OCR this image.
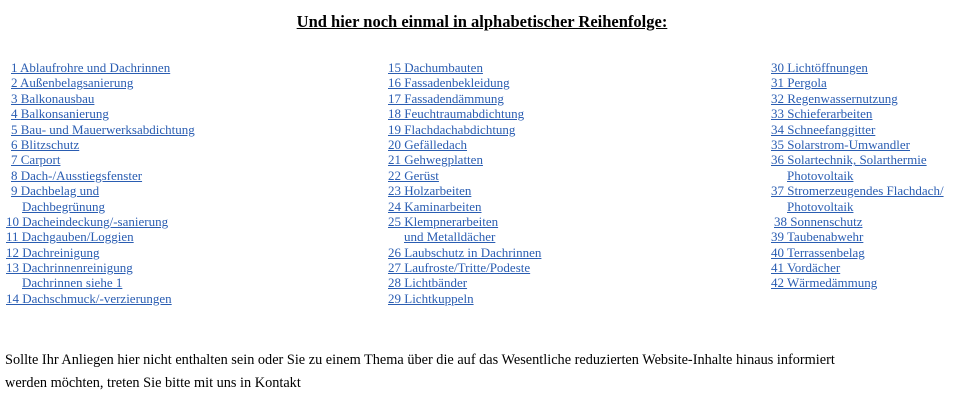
Und hier noch einmal in alphabetischer Reihenfolge:
1 Ablaufrohre und Dachrinnen
2 Außenbelagsanierung
3 Balkonausbau
4 Balkonsanierung
5 Bau- und Mauerwerksabdichtung
6 Blitzschutz
7 Carport
8 Dach-/Ausstiegsfenster
9 Dachbelag und
Dachbegrünung
10 Dacheindeckung/-sanierung
11 Dachgauben/Loggien
12 Dachreinigung
13 Dachrinnenreinigung
Dachrinnen siehe 1
14 Dachschmuck/-verzierungen
15 Dachumbauten
16 Fassadenbekleidung
17 Fassadendämmung
18 Feuchtraumabdichtung
19 Flachdachabdichtung
20 Gefälledach
21 Gehwegplatten
22 Gerüst
23 Holzarbeiten
24 Kaminarbeiten
25 Klempnerarbeiten
und Metalldächer
26 Laubschutz in Dachrinnen
27 Laufroste/Tritte/Podeste
28 Lichtbänder
29 Lichtkuppeln
30 Lichtöffnungen
31 Pergola
32 Regenwassernutzung
33 Schieferarbeiten
34 Schneefanggitter
35 Solarstrom-Umwandler
36 Solartechnik, Solarthermie
Photovoltaik
37 Stromerzeugendes Flachdach/
Photovoltaik
38 Sonnenschutz
39 Taubenabwehr
40 Terrassenbelag
41 Vordächer
42 Wärmedämmung
Sollte Ihr Anliegen hier nicht enthalten sein oder Sie zu einem Thema über die auf das Wesentliche reduzierten Website-Inhalte hinaus informiert
werden möchten, treten Sie bitte mit uns in Kontakt
